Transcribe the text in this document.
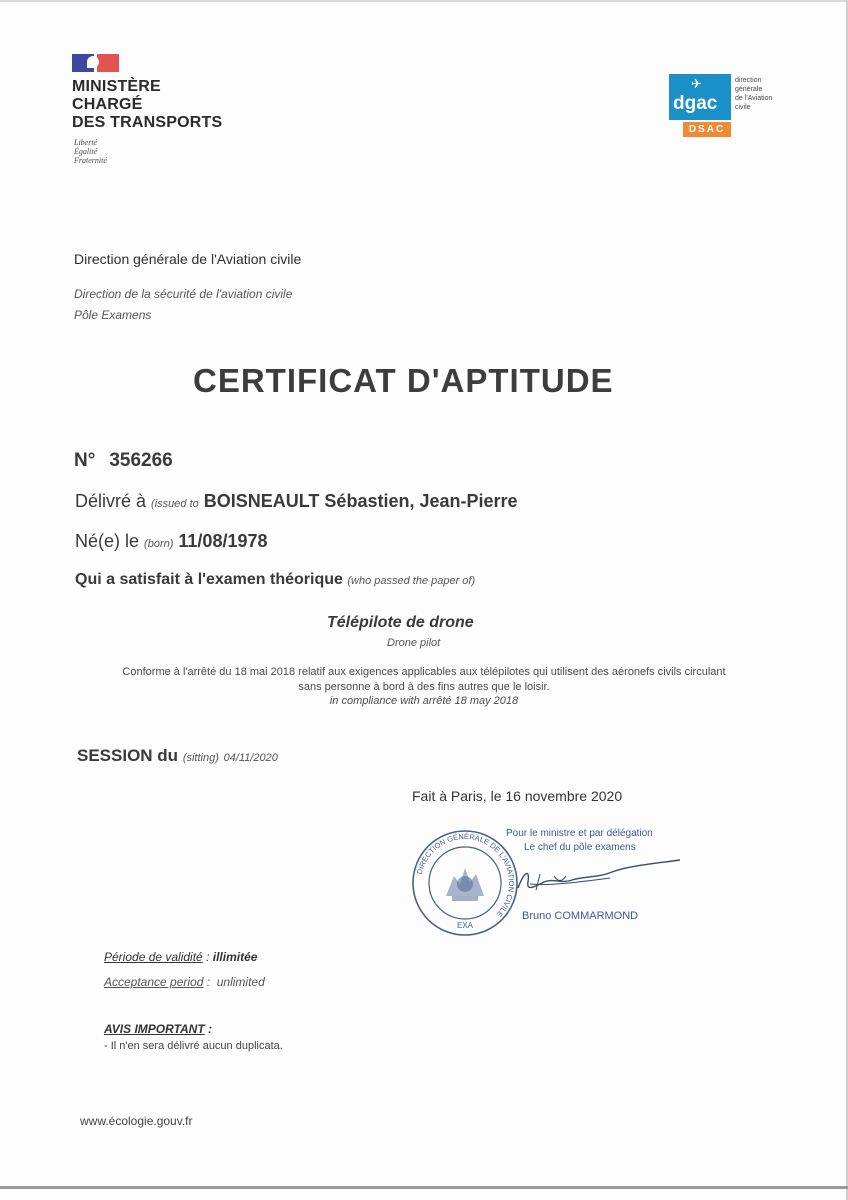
MINISTÈRE
CHARGÉ
DES TRANSPORTS
Liberté
Égalité
Fraternité
✈
dgac
DSAC
direction
générale
de l'Aviation
civile
Direction générale de l'Aviation civile
Direction de la sécurité de l'aviation civile
Pôle Examens
CERTIFICAT D'APTITUDE
N° 356266
Délivré à (issued to BOISNEAULT Sébastien, Jean-Pierre
Né(e) le (born) 11/08/1978
Qui a satisfait à l'examen théorique (who passed the paper of)
Télépilote de drone
Drone pilot
Conforme à l'arrêté du 18 mai 2018 relatif aux exigences applicables aux télépilotes qui utilisent des aéronefs civils circulant
sans personne à bord à des fins autres que le loisir.
in compliance with arrêté 18 may 2018
SESSION du (sitting) 04/11/2020
Fait à Paris, le 16 novembre 2020
Pour le ministre et par délégation
Le chef du pôle examens
DIRECTION GÉNÉRALE DE L'AVIATION CIVILE
EXA
Bruno COMMARMOND
Période de validité : illimitée
Acceptance period :  unlimited
AVIS IMPORTANT :
- Il n'en sera délivré aucun duplicata.
www.écologie.gouv.fr
